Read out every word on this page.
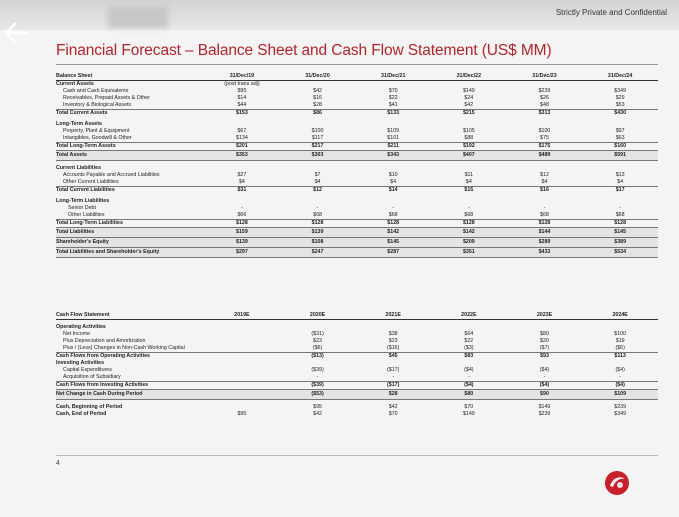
Strictly Private and Confidential
Financial Forecast – Balance Sheet and Cash Flow Statement (US$ MM)
Balance Sheet	31/Dec/19	31/Dec/20	31/Dec/21	31/Dec/22	31/Dec/23	31/Dec/24
Current Assets	(post trans adj)					
Cash and Cash Equivalents	$95	$42	$70	$149	$239	$349
Receivables, Prepaid Assets & Other	$14	$16	$22	$24	$26	$29
Inventory & Biological Assets	$44	$28	$41	$42	$48	$53
Total Current Assets	$153	$86	$133	$215	$313	$430

Long-Term Assets						
Property, Plant & Equipment	$67	$100	$109	$105	$100	$97
Intangibles, Goodwill & Other	$134	$117	$101	$88	$75	$63
Total Long-Term Assets	$201	$217	$211	$192	$175	$160
Total Assets	$353	$303	$343	$407	$489	$591

Current Liabilities						
Accounts Payable and Accrued Liabilities	$27	$7	$10	$11	$12	$13
Other Current Liabilities	$4	$4	$4	$4	$4	$4
Total Current Liabilities	$31	$12	$14	$15	$16	$17

Long-Term Liabilities						
Senior Debt	-	-	-	-	-	-
Other Liabilities	$66	$68	$68	$68	$68	$68
Total Long-Term Liabilities	$128	$128	$128	$128	$128	$128
Total Liabilities	$159	$139	$142	$142	$144	$145
Shareholder's Equity	$139	$108	$145	$209	$289	$389
Total Liabilities and Shareholder's Equity	$297	$247	$287	$351	$433	$534
Cash Flow Statement	2019E	2020E	2021E	2022E	2023E	2024E

Operating Activities						
Net Income		($31)	$38	$64	$80	$100
Plus Depreciation and Amortization		$23	$23	$22	$20	$19
Plus / (Less) Changes in Non-Cash Working Capital		($6)	($16)	($3)	($7)	($6)
Cash Flows from Operating Activities		($13)	$45	$83	$93	$113
Investing Activities						
Capital Expenditures		($39)	($17)	($4)	($4)	($4)
Acquisition of Subsidiary		-	-	-	-	-
Cash Flows from Investing Activities		($39)	($17)	($4)	($4)	($4)
Net Change in Cash During Period		($53)	$28	$80	$90	$109

Cash, Beginning of Period		$95	$42	$70	$149	$239
Cash, End of Period	$95	$42	$70	$149	$239	$349
4
